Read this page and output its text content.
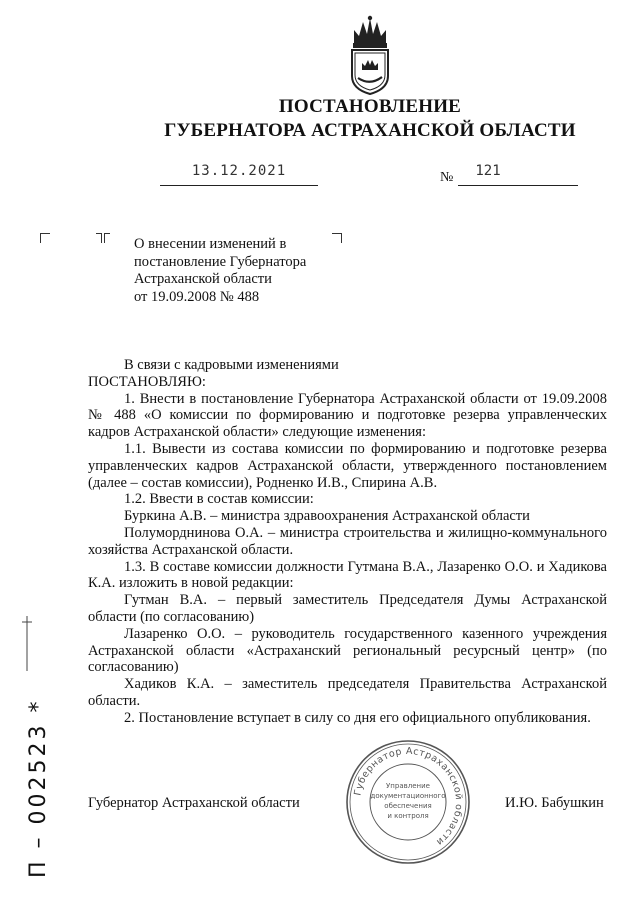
ПОСТАНОВЛЕНИЕ
ГУБЕРНАТОРА АСТРАХАНСКОЙ ОБЛАСТИ
13.12.2021	№	121
О внесении изменений в
постановление Губернатора
Астраханской области
от 19.09.2008 № 488

В связи с кадровыми изменениями

ПОСТАНОВЛЯЮ:

1. Внести в постановление Губернатора Астраханской области от 19.09.2008 № 488 «О комиссии по формированию и подготовке резерва управленческих кадров Астраханской области» следующие изменения:

1.1. Вывести из состава комиссии по формированию и подготовке резерва управленческих кадров Астраханской области, утвержденного постановлением (далее – состав комиссии), Родненко И.В., Спирина А.В.

1.2. Ввести в состав комиссии:

Буркина А.В. – министра здравоохранения Астраханской области

Полуморднинова О.А. – министра строительства и жилищно-коммунального хозяйства Астраханской области.

1.3. В составе комиссии должности Гутмана В.А., Лазаренко О.О. и Хадикова К.А. изложить в новой редакции:

Гутман В.А. – первый заместитель Председателя Думы Астраханской области (по согласованию)

Лазаренко О.О. – руководитель государственного казенного учреждения Астраханской области «Астраханский региональный ресурсный центр» (по согласованию)

Хадиков К.А. – заместитель председателя Правительства Астраханской области.

2. Постановление вступает в силу со дня его официального опубликования.

Губернатор Астраханской области	И.Ю. Бабушкин
Губернатор Астраханской области
Управление
документационного
обеспечения
и контроля
П – 002523 *
